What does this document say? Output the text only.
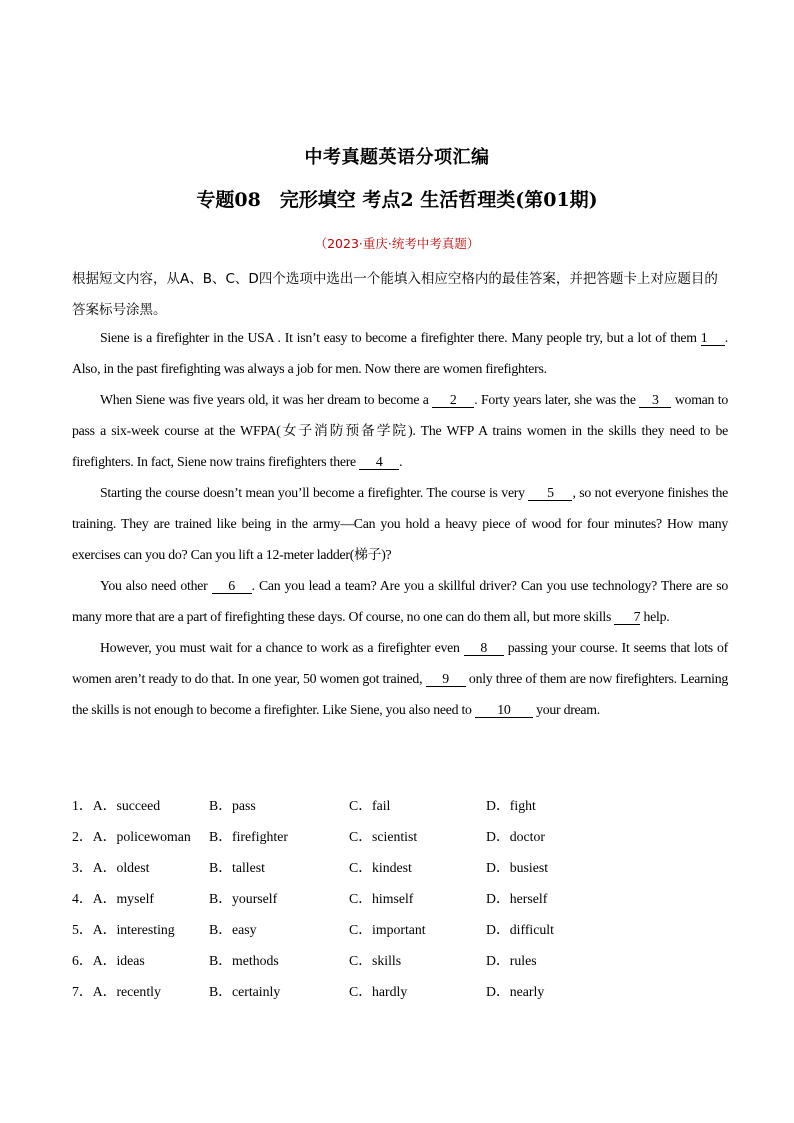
中考真题英语分项汇编
专题08　完形填空 考点2 生活哲理类(第01期)
（2023·重庆·统考中考真题）
根据短文内容，从A、B、C、D四个选项中选出一个能填入相应空格内的最佳答案，并把答题卡上对应题目的答案标号涂黑。

Siene is a firefighter in the USA . It isn’t easy to become a firefighter there. Many people try, but a lot of them 1 . Also, in the past firefighting was always a job for men. Now there are women firefighters.

When Siene was five years old, it was her dream to become a 2 . Forty years later, she was the 3 woman to pass a six-week course at the WFPA(女子消防预备学院). The WFP A trains women in the skills they need to be firefighters. In fact, Siene now trains firefighters there 4 .

Starting the course doesn’t mean you’ll become a firefighter. The course is very 5 , so not everyone finishes the training. They are trained like being in the army—Can you hold a heavy piece of wood for four minutes? How many exercises can you do? Can you lift a 12-meter ladder(梯子)?

You also need other 6 . Can you lead a team? Are you a skillful driver? Can you use technology? There are so many more that are a part of firefighting these days. Of course, no one can do them all, but more skills 7 help.

However, you must wait for a chance to work as a firefighter even 8 passing your course. It seems that lots of women aren’t ready to do that. In one year, 50 women got trained, 9 only three of them are now firefighters. Learning the skills is not enough to become a firefighter. Like Siene, you also need to 10 your dream.

1．A．succeed	B．pass	C．fail	D．fight
2．A．policewoman B．firefighter	C．scientist	D．doctor
3．A．oldest	B．tallest	C．kindest	D．busiest
4．A．myself	B．yourself	C．himself	D．herself
5．A．interesting B．easy	C．important	D．difficult
6．A．ideas	B．methods	C．skills	D．rules
7．A．recently	B．certainly	C．hardly	D．nearly
